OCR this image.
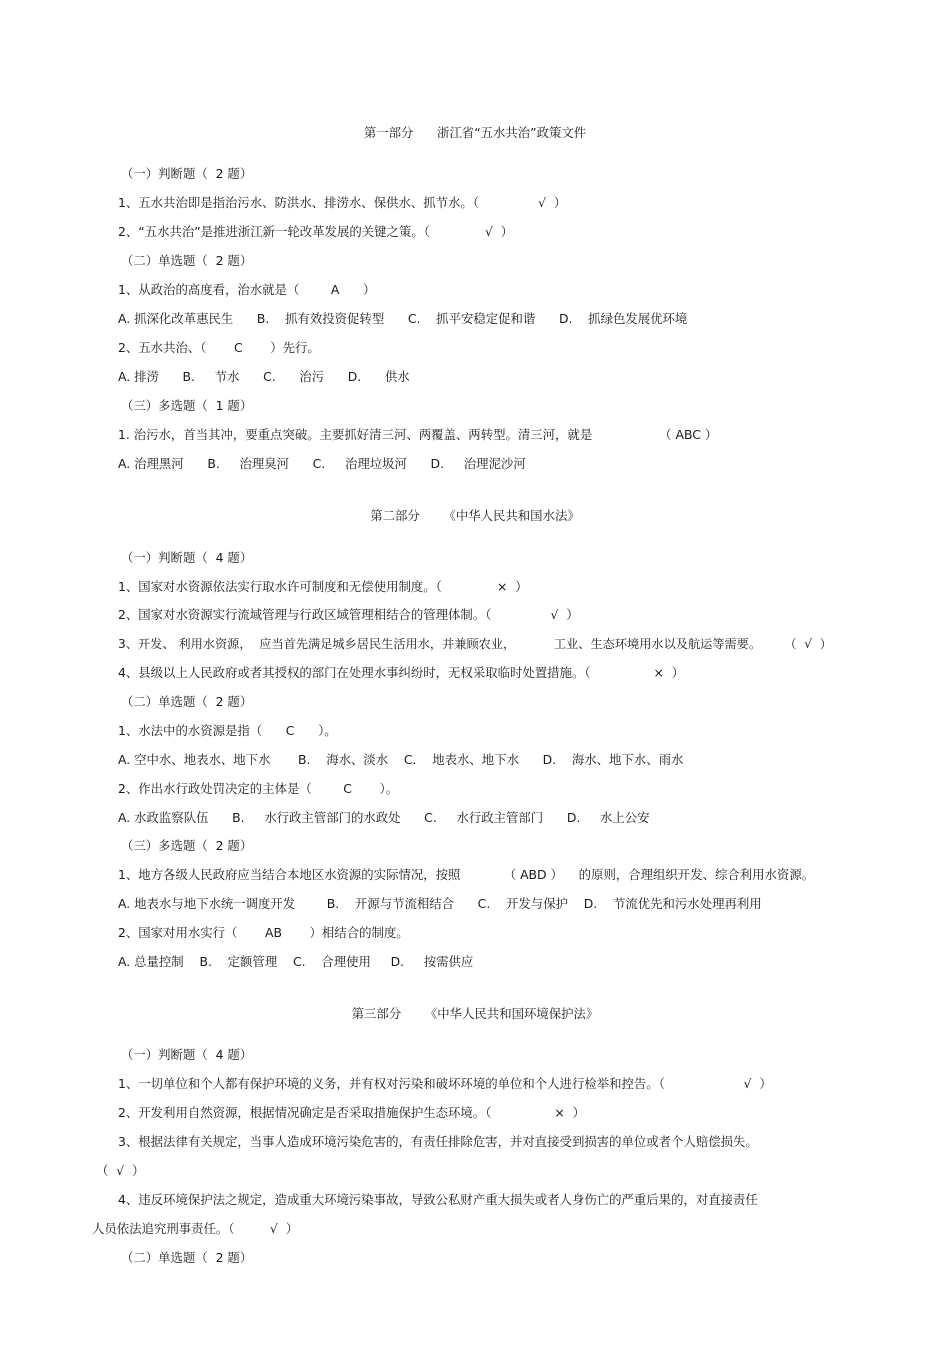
第一部分      浙江省“五水共治”政策文件
（一）判断题（  2 题）
1、五水共治即是指治污水、防洪水、排涝水、保供水、抓节水。（               √  ）
2、“五水共治”是推进浙江新一轮改革发展的关键之策。（              √  ）
（二）单选题（  2 题）
1、从政治的高度看，治水就是（        A      ）
A. 抓深化改革惠民生      B.    抓有效投资促转型      C.    抓平安稳定促和谐      D.    抓绿色发展优环境
2、五水共治、（       C       ）先行。
A. 排涝      B.     节水      C.      治污      D.      供水
（三）多选题（  1 题）
1. 治污水，首当其冲，要重点突破。主要抓好清三河、两覆盖、两转型。清三河，就是                 （ ABC ）
A. 治理黑河      B.     治理臭河      C.     治理垃圾河      D.     治理泥沙河
第二部分      《中华人民共和国水法》
（一）判断题（  4 题）
1、国家对水资源依法实行取水许可制度和无偿使用制度。（              ×  ）
2、国家对水资源实行流域管理与行政区域管理相结合的管理体制。（               √  ）
3、开发、 利用水资源，  应当首先满足城乡居民生活用水，并兼顾农业，          工业、生态环境用水以及航运等需要。      （  √  ）
4、县级以上人民政府或者其授权的部门在处理水事纠纷时，无权采取临时处置措施。（                ×  ）
（二）单选题（  2 题）
1、水法中的水资源是指（      C      ）。
A. 空中水、地表水、地下水       B.    海水、淡水    C.    地表水、地下水      D.    海水、地下水、雨水
2、作出水行政处罚决定的主体是（        C       ）。
A. 水政监察队伍      B.     水行政主管部门的水政处      C.     水行政主管部门      D.     水上公安
（三）多选题（  2 题）
1、地方各级人民政府应当结合本地区水资源的实际情况，按照           （ ABD ）    的原则，合理组织开发、综合利用水资源。
A. 地表水与地下水统一调度开发        B.    开源与节流相结合      C.    开发与保护    D.    节流优先和污水处理再利用
2、国家对用水实行（       AB       ）相结合的制度。
A. 总量控制    B.    定额管理    C.    合理使用     D.     按需供应
第三部分      《中华人民共和国环境保护法》
（一）判断题（  4 题）
1、一切单位和个人都有保护环境的义务，并有权对污染和破坏环境的单位和个人进行检举和控告。（                    √  ）
2、开发利用自然资源，根据情况确定是否采取措施保护生态环境。（                ×  ）
3、根据法律有关规定，当事人造成环境污染危害的，有责任排除危害，并对直接受到损害的单位或者个人赔偿损失。
（  √  ）
4、违反环境保护法之规定，造成重大环境污染事故，导致公私财产重大损失或者人身伤亡的严重后果的，对直接责任
人员依法追究刑事责任。（         √  ）
（二）单选题（  2 题）
